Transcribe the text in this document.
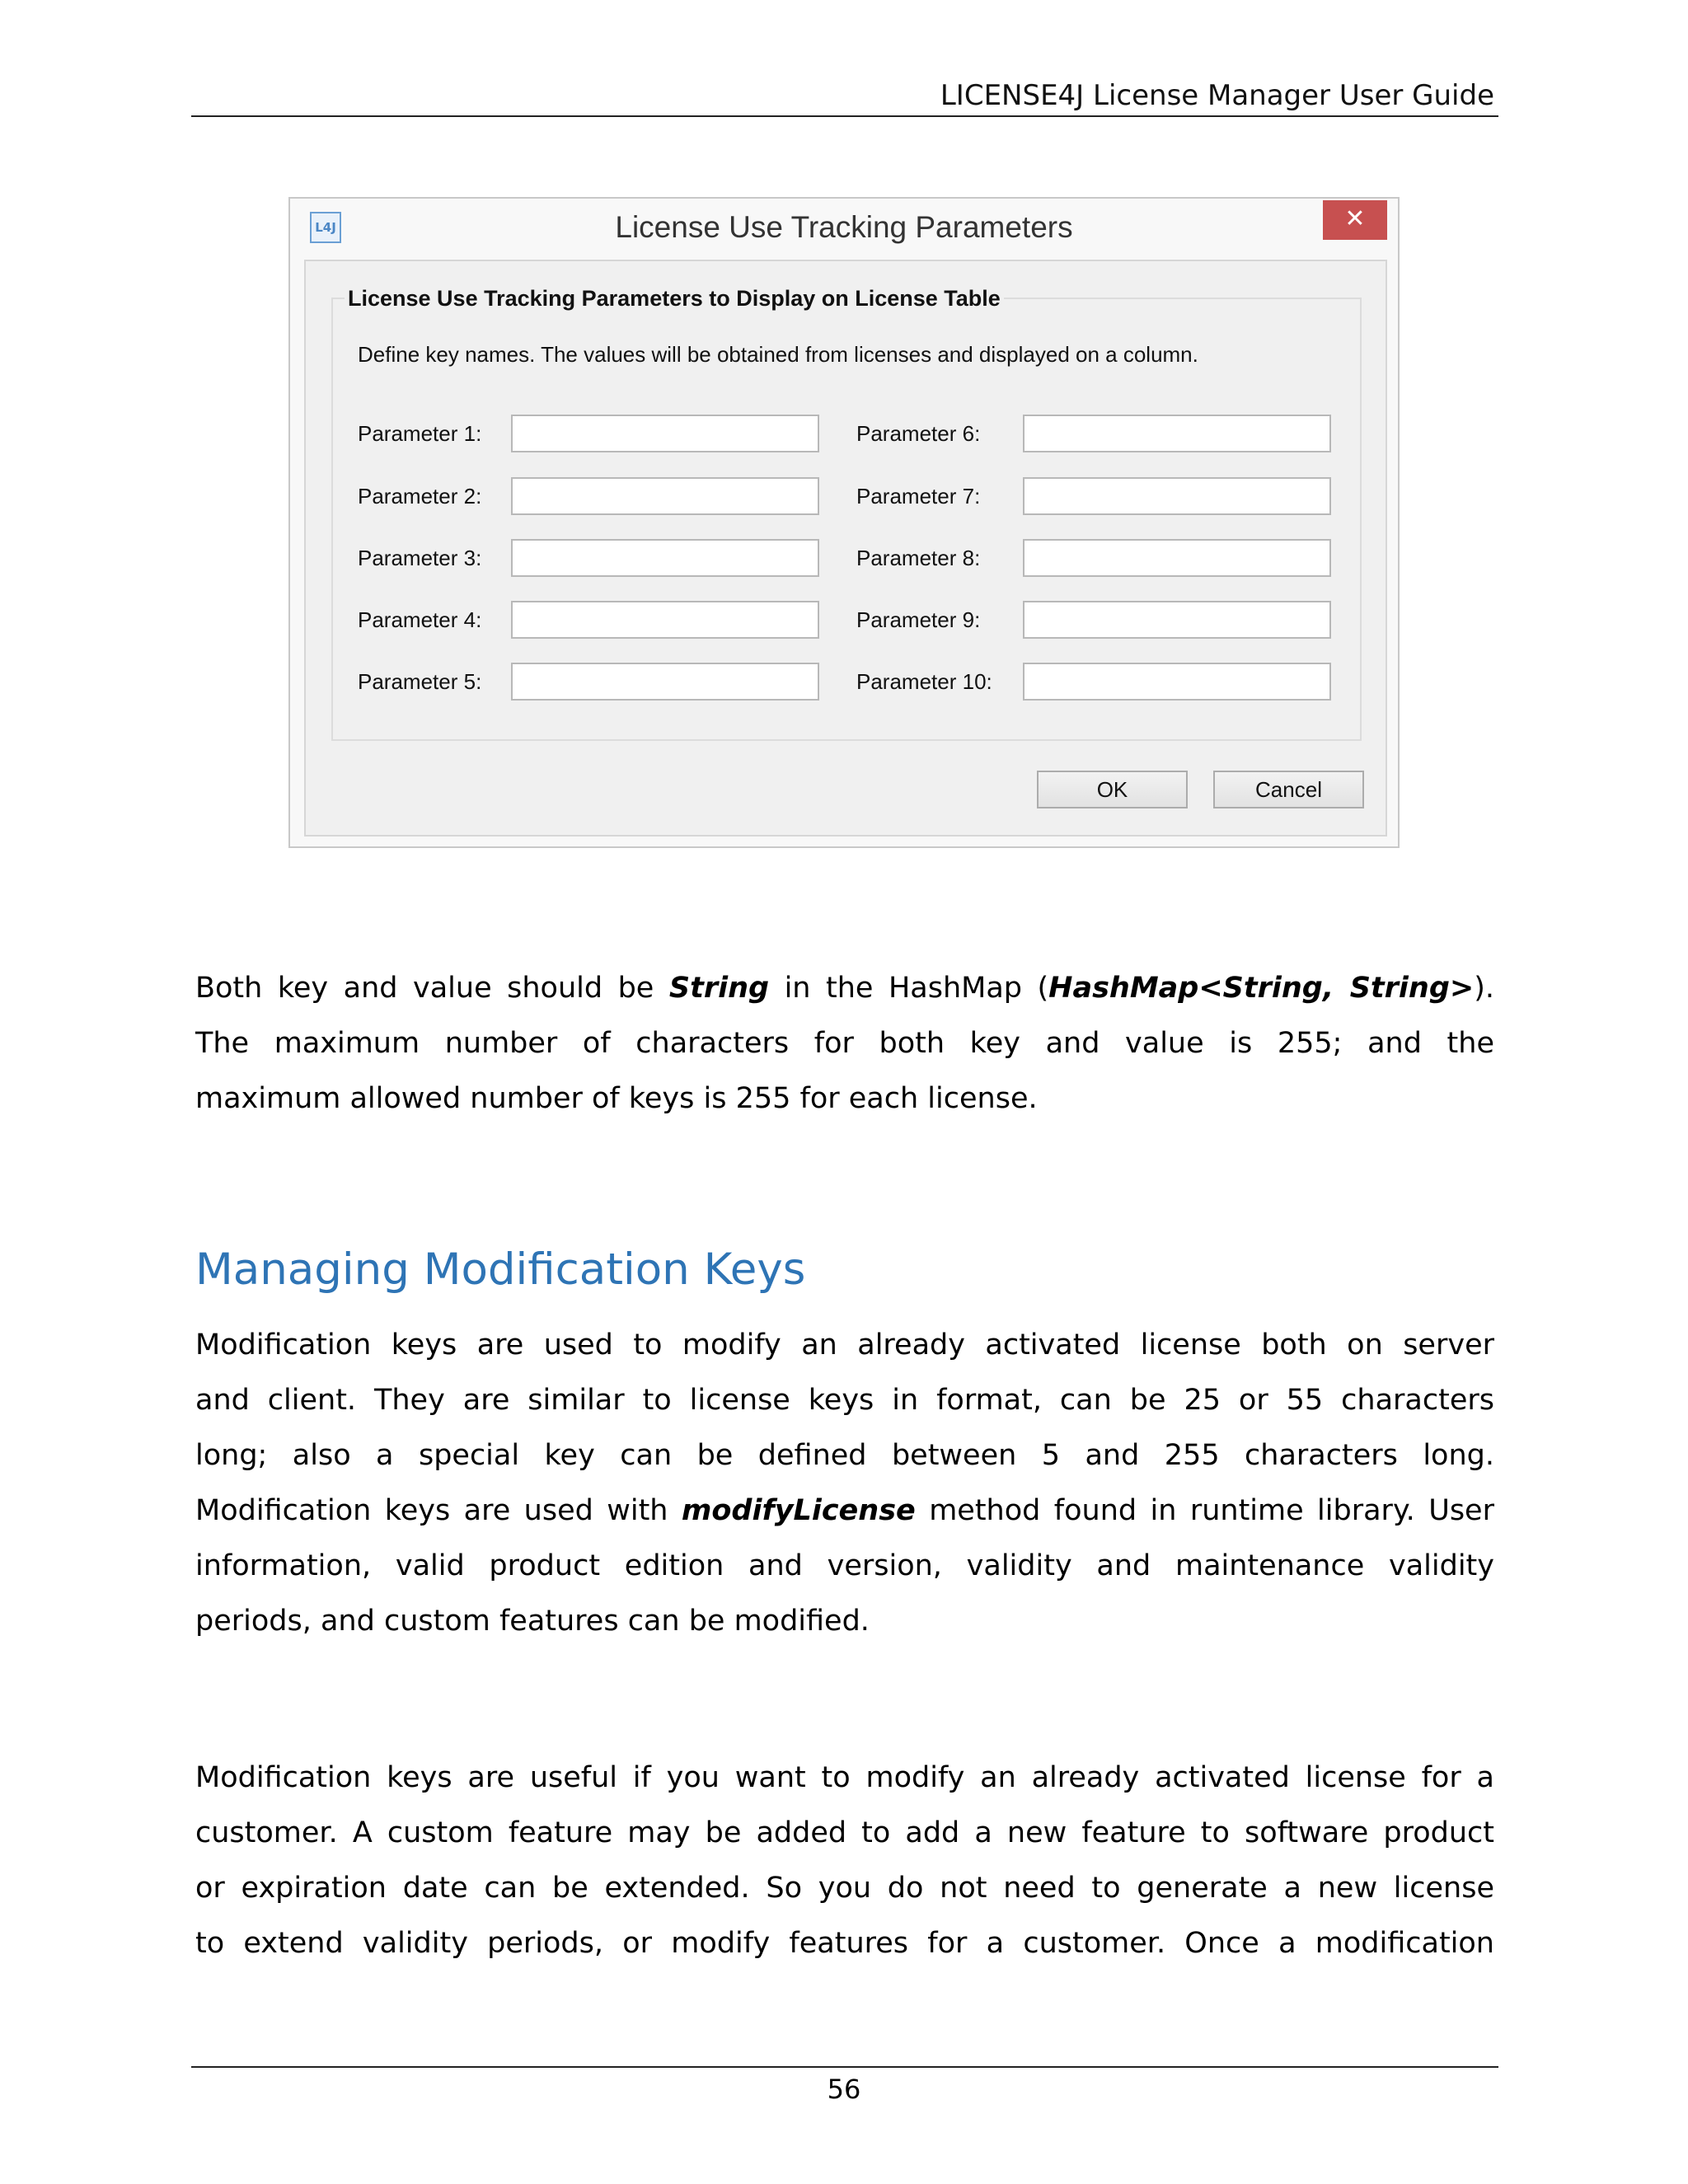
LICENSE4J License Manager User Guide
L4J	License Use Tracking Parameters	✕
License Use Tracking Parameters to Display on License Table
Define key names. The values will be obtained from licenses and displayed on a column.
Parameter 1:
Parameter 2:
Parameter 3:
Parameter 4:
Parameter 5:
Parameter 6:
Parameter 7:
Parameter 8:
Parameter 9:
Parameter 10:
OK	Cancel
Both key and value should be String in the HashMap (HashMap<String, String>).
The maximum number of characters for both key and value is 255; and the
maximum allowed number of keys is 255 for each license.
Managing Modification Keys
Modification keys are used to modify an already activated license both on server
and client. They are similar to license keys in format, can be 25 or 55 characters
long; also a special key can be defined between 5 and 255 characters long.
Modification keys are used with modifyLicense method found in runtime library. User
information, valid product edition and version, validity and maintenance validity
periods, and custom features can be modified.
Modification keys are useful if you want to modify an already activated license for a
customer. A custom feature may be added to add a new feature to software product
or expiration date can be extended. So you do not need to generate a new license
to extend validity periods, or modify features for a customer. Once a modification
56
